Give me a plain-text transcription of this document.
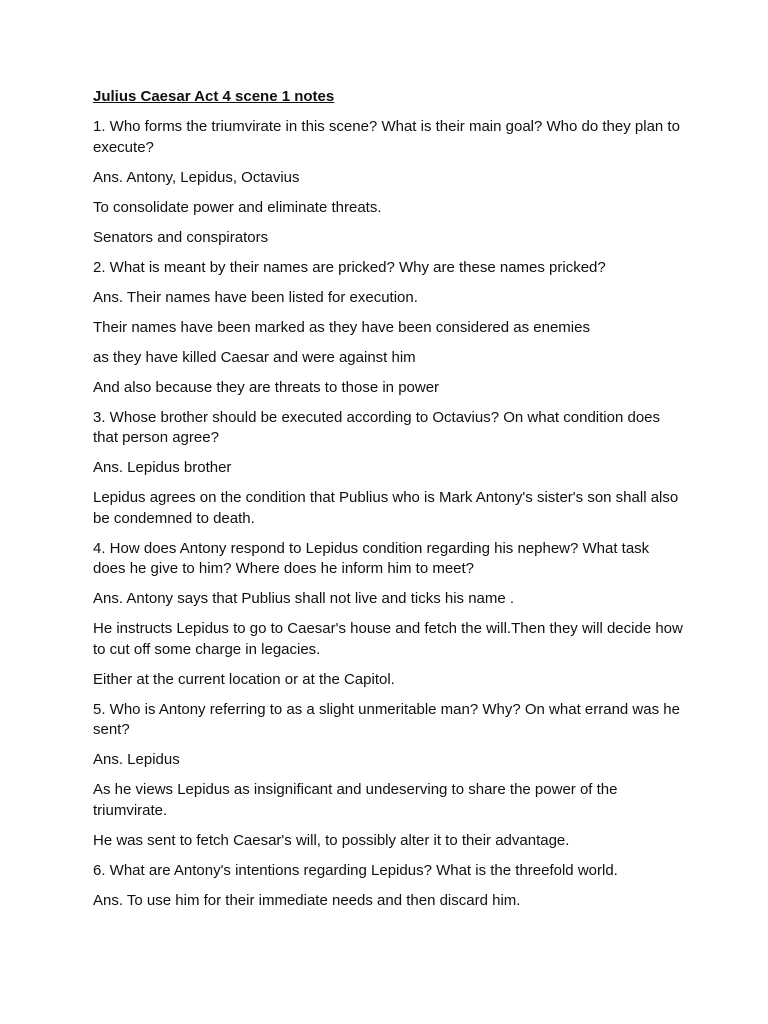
Julius Caesar Act 4 scene 1 notes

1. Who forms the triumvirate in this scene? What is their main goal? Who do they plan to execute?

Ans. Antony, Lepidus, Octavius

To consolidate power and eliminate threats.

Senators and conspirators

2. What is meant by their names are pricked? Why are these names pricked?

Ans. Their names have been listed for execution.

Their names have been marked as they have been considered as enemies

as they have killed Caesar and were against him

And also because they are threats to those in power

3. Whose brother should be executed according to Octavius? On what condition does that person agree?

Ans. Lepidus brother

Lepidus agrees on the condition that Publius who is Mark Antony's sister's son shall also be condemned to death.

4. How does Antony respond to Lepidus condition regarding his nephew? What task does he give to him? Where does he inform him to meet?

Ans. Antony says that Publius shall not live and ticks his name .

He instructs Lepidus to go to Caesar's house and fetch the will.Then they will decide how to cut off some charge in legacies.

Either at the current location or at the Capitol.

5. Who is Antony referring to as a slight unmeritable man? Why? On what errand was he sent?

Ans. Lepidus

As he views Lepidus as insignificant and undeserving to share the power of the triumvirate.

He was sent to fetch Caesar's will, to possibly alter it to their advantage.

6. What are Antony's intentions regarding Lepidus? What is the threefold world.

Ans. To use him for their immediate needs and then discard him.
